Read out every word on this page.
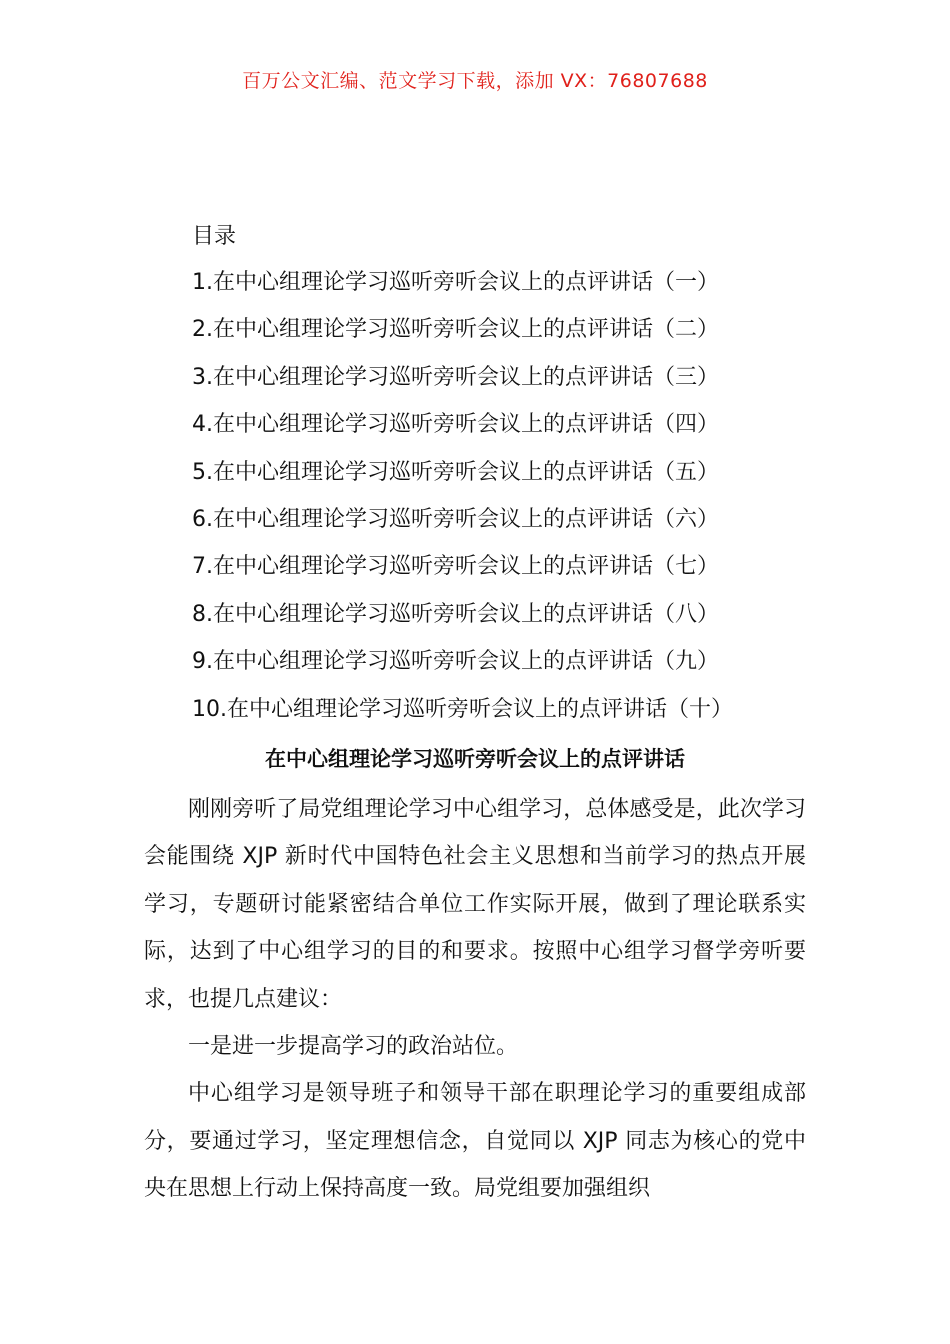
百万公文汇编、范文学习下载，添加 VX：76807688
目录
1.在中心组理论学习巡听旁听会议上的点评讲话（一）
2.在中心组理论学习巡听旁听会议上的点评讲话（二）
3.在中心组理论学习巡听旁听会议上的点评讲话（三）
4.在中心组理论学习巡听旁听会议上的点评讲话（四）
5.在中心组理论学习巡听旁听会议上的点评讲话（五）
6.在中心组理论学习巡听旁听会议上的点评讲话（六）
7.在中心组理论学习巡听旁听会议上的点评讲话（七）
8.在中心组理论学习巡听旁听会议上的点评讲话（八）
9.在中心组理论学习巡听旁听会议上的点评讲话（九）
10.在中心组理论学习巡听旁听会议上的点评讲话（十）
在中心组理论学习巡听旁听会议上的点评讲话

刚刚旁听了局党组理论学习中心组学习，总体感受是，此次学习会能围绕 XJP 新时代中国特色社会主义思想和当前学习的热点开展学习，专题研讨能紧密结合单位工作实际开展，做到了理论联系实际，达到了中心组学习的目的和要求。按照中心组学习督学旁听要求，也提几点建议：

一是进一步提高学习的政治站位。

中心组学习是领导班子和领导干部在职理论学习的重要组成部分，要通过学习，坚定理想信念，自觉同以 XJP 同志为核心的党中央在思想上行动上保持高度一致。局党组要加强组织
